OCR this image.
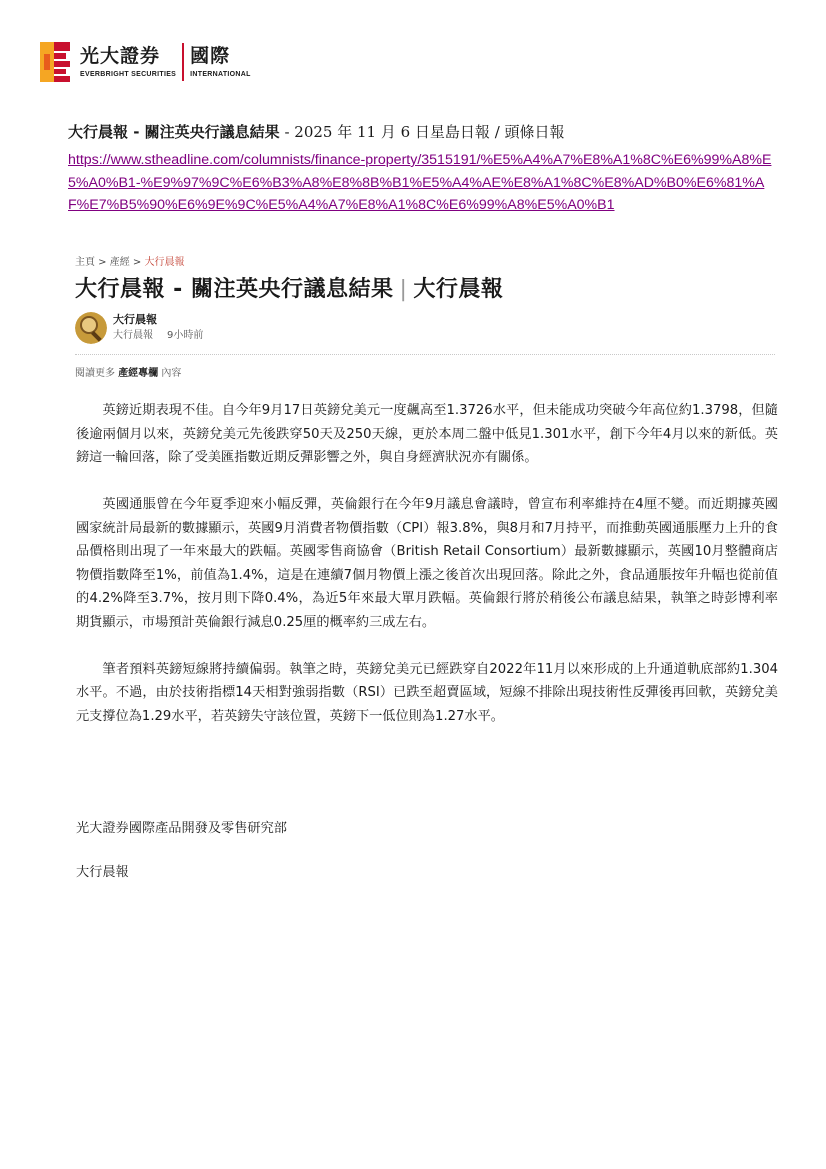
光大證券
EVERBRIGHT SECURITIES
國際
INTERNATIONAL
大行晨報 - 關注英央行議息結果 - 2025 年 11 月 6 日星島日報 / 頭條日報
https://www.stheadline.com/columnists/finance-property/3515191/%E5%A4%A7%E8%A1%8C%E6%99%A8%E5%A0%B1-%E9%97%9C%E6%B3%A8%E8%8B%B1%E5%A4%AE%E8%A1%8C%E8%AD%B0%E6%81%AF%E7%B5%90%E6%9E%9C%E5%A4%A7%E8%A1%8C%E6%99%A8%E5%A0%B1
主頁 > 產經 > 大行晨報
大行晨報 - 關注英央行議息結果 | 大行晨報
大行晨報
大行晨報 9小時前
閱讀更多 產經專欄 內容

英鎊近期表現不佳。自今年9月17日英鎊兌美元一度飆高至1.3726水平，但未能成功突破今年高位約1.3798，但隨後逾兩個月以來，英鎊兌美元先後跌穿50天及250天線，更於本周二盤中低見1.301水平，創下今年4月以來的新低。英鎊這一輪回落，除了受美匯指數近期反彈影響之外，與自身經濟狀況亦有關係。

英國通脹曾在今年夏季迎來小幅反彈，英倫銀行在今年9月議息會議時，曾宣布利率維持在4厘不變。而近期據英國國家統計局最新的數據顯示，英國9月消費者物價指數（CPI）報3.8%，與8月和7月持平，而推動英國通脹壓力上升的食品價格則出現了一年來最大的跌幅。英國零售商協會（British Retail Consortium）最新數據顯示，英國10月整體商店物價指數降至1%，前值為1.4%，這是在連續7個月物價上漲之後首次出現回落。除此之外，食品通脹按年升幅也從前值的4.2%降至3.7%，按月則下降0.4%，為近5年來最大單月跌幅。英倫銀行將於稍後公布議息結果，執筆之時彭博利率期貨顯示，市場預計英倫銀行減息0.25厘的概率約三成左右。

筆者預料英鎊短線將持續偏弱。執筆之時，英鎊兌美元已經跌穿自2022年11月以來形成的上升通道軌底部約1.304水平。不過，由於技術指標14天相對強弱指數（RSI）已跌至超賣區域，短線不排除出現技術性反彈後再回軟，英鎊兌美元支撐位為1.29水平，若英鎊失守該位置，英鎊下一低位則為1.27水平。

光大證券國際產品開發及零售研究部
大行晨報
